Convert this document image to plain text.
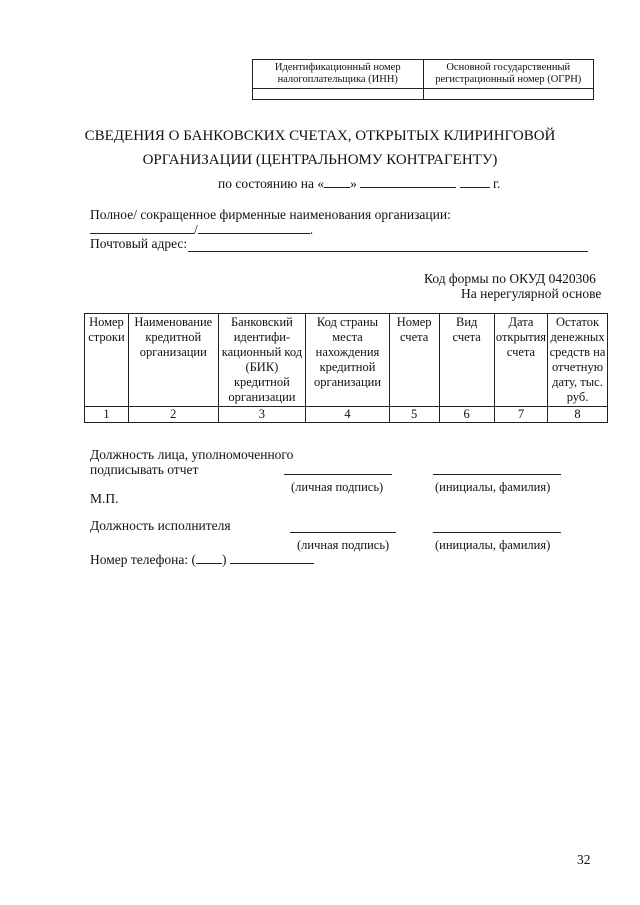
Идентификационный номер налогоплательщика (ИНН)	Основной государственный регистрационный номер (ОГРН)

СВЕДЕНИЯ О БАНКОВСКИХ СЧЕТАХ, ОТКРЫТЫХ КЛИРИНГОВОЙ
ОРГАНИЗАЦИИ (ЦЕНТРАЛЬНОМУ КОНТРАГЕНТУ)
по состоянию на « »	г.
Полное/ сокращенное фирменные наименования организации:
/	.
Почтовый адрес:
Код формы по ОКУД 0420306
На нерегулярной основе
Номер строки	Наименование кредитной организации	Банковский идентифи-кационный код (БИК) кредитной организации	Код страны места нахождения кредитной организации	Номер счета	Вид счета	Дата открытия счета	Остаток денежных средств на отчетную дату, тыс. руб.
1	2	3	4	5	6	7	8
Должность лица, уполномоченного
подписывать отчет
(личная подпись)	(инициалы, фамилия)
М.П.
Должность исполнителя
(личная подпись)	(инициалы, фамилия)
Номер телефона: ( )
32
